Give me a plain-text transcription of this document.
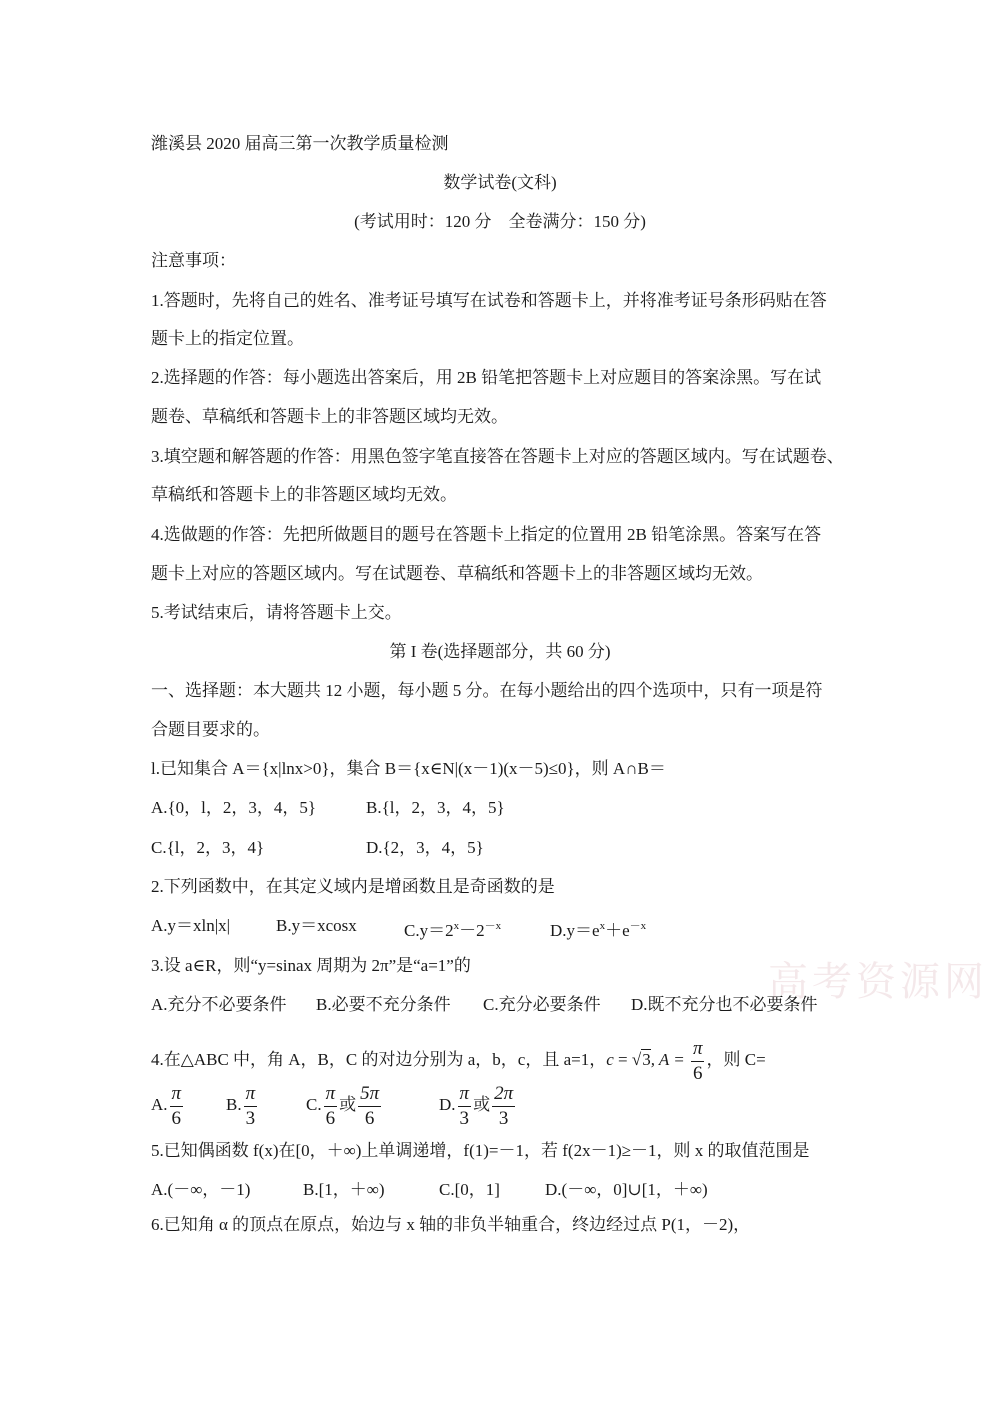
高考资源网
潍溪县 2020 届高三第一次教学质量检测
数学试卷(文科)
(考试用时：120 分　全卷满分：150 分)
注意事项：
1.答题时，先将自己的姓名、准考证号填写在试卷和答题卡上，并将准考证号条形码贴在答
题卡上的指定位置。
2.选择题的作答：每小题选出答案后，用 2B 铅笔把答题卡上对应题目的答案涂黑。写在试
题卷、草稿纸和答题卡上的非答题区域均无效。
3.填空题和解答题的作答：用黑色签字笔直接答在答题卡上对应的答题区域内。写在试题卷、
草稿纸和答题卡上的非答题区域均无效。
4.选做题的作答：先把所做题目的题号在答题卡上指定的位置用 2B 铅笔涂黑。答案写在答
题卡上对应的答题区域内。写在试题卷、草稿纸和答题卡上的非答题区域均无效。
5.考试结束后，请将答题卡上交。
第 I 卷(选择题部分，共 60 分)
一、选择题：本大题共 12 小题，每小题 5 分。在每小题给出的四个选项中，只有一项是符
合题目要求的。
l.已知集合 A＝{x|lnx>0}，集合 B＝{x∈N|(x－1)(x－5)≤0}，则 A∩B＝
A.{0，l，2，3，4，5}	B.{l，2，3，4，5}
C.{l，2，3，4}	D.{2，3，4，5}
2.下列函数中，在其定义域内是增函数且是奇函数的是
A.y＝xln|x|	B.y＝xcosx	$C.y=2^x-2^{-x}$	$D.y=e^x+e^{-x}$
3.设 a∈R，则“y=sinax 周期为 2π”是“a=1”的
A.充分不必要条件 B.必要不充分条件 C.充分必要条件 D.既不充分也不必要条件
4.在△ABC 中，角 A，B，C 的对边分别为 a，b，c，且 a=1，c = √3, $A = \frac{\pi}{6}$ ，则 C=
A. $\frac{\pi}{6}$	B. $\frac{\pi}{3}$	C. $\frac{\pi}{6}$ 或 $\frac{5\pi}{6}$	D. $\frac{\pi}{3}$ 或 $\frac{2\pi}{3}$
5.已知偶函数 f(x)在[0，＋∞)上单调递增，f(1)=－1，若 f(2x－1)≥－1，则 x 的取值范围是
A.(－∞，－1)	B.[1，＋∞)	C.[0，1]	D.(－∞，0]∪[1，＋∞)
6.已知角 α 的顶点在原点，始边与 x 轴的非负半轴重合，终边经过点 P(1，－2)，
